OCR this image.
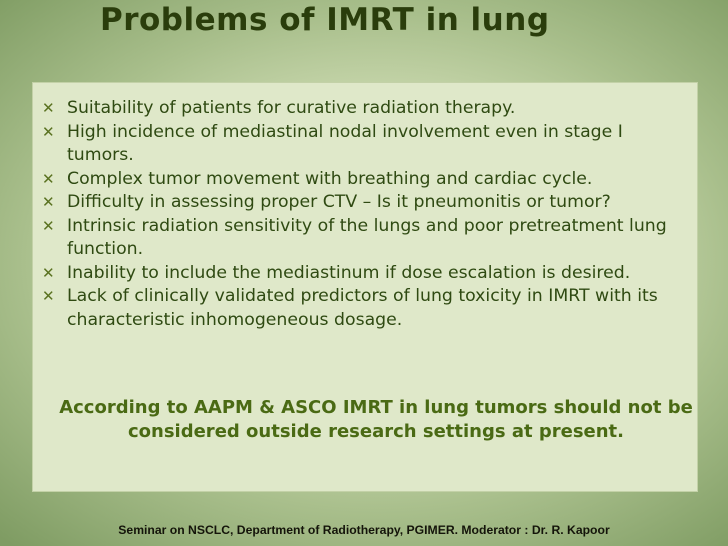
Problems of IMRT in lung
✕ Suitability of patients for curative radiation therapy.
✕ High incidence of mediastinal nodal involvement even in stage I tumors.
✕ Complex tumor movement with breathing and cardiac cycle.
✕ Difficulty in assessing proper CTV – Is it pneumonitis or tumor?
✕ Intrinsic radiation sensitivity of the lungs and poor pretreatment lung function.
✕ Inability to include the mediastinum if dose escalation is desired.
✕ Lack of clinically validated predictors of lung toxicity in IMRT with its characteristic inhomogeneous dosage.

According to AAPM & ASCO IMRT in lung tumors should not be considered outside research settings at present.

Seminar on NSCLC, Department of Radiotherapy, PGIMER. Moderator : Dr. R. Kapoor
